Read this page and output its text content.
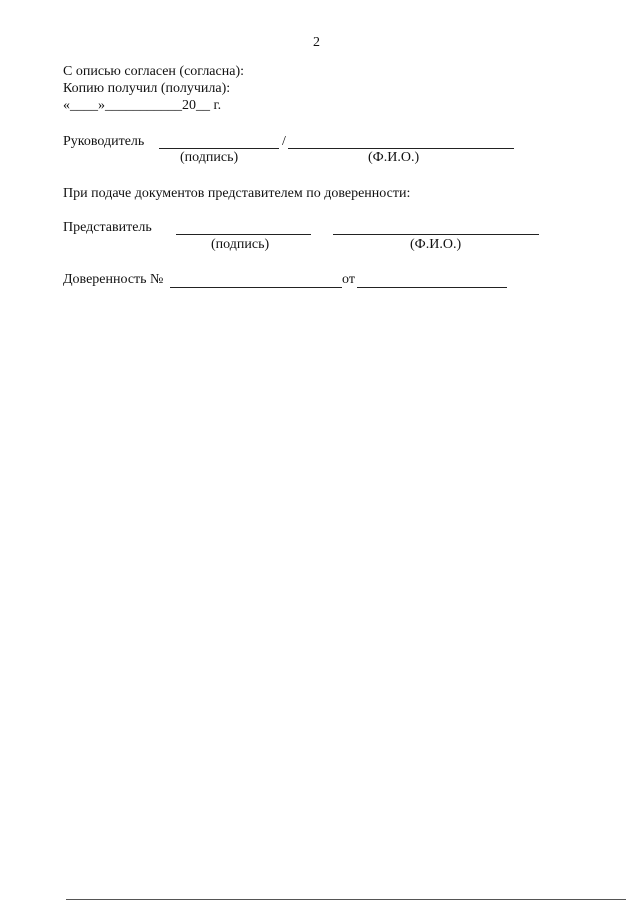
2
С описью согласен (согласна):
Копию получил (получила):
«____»___________20__ г.
Руководитель	/
(подпись)	(Ф.И.О.)
При подаче документов представителем по доверенности:
Представитель
(подпись)	(Ф.И.О.)
Доверенность №	от
